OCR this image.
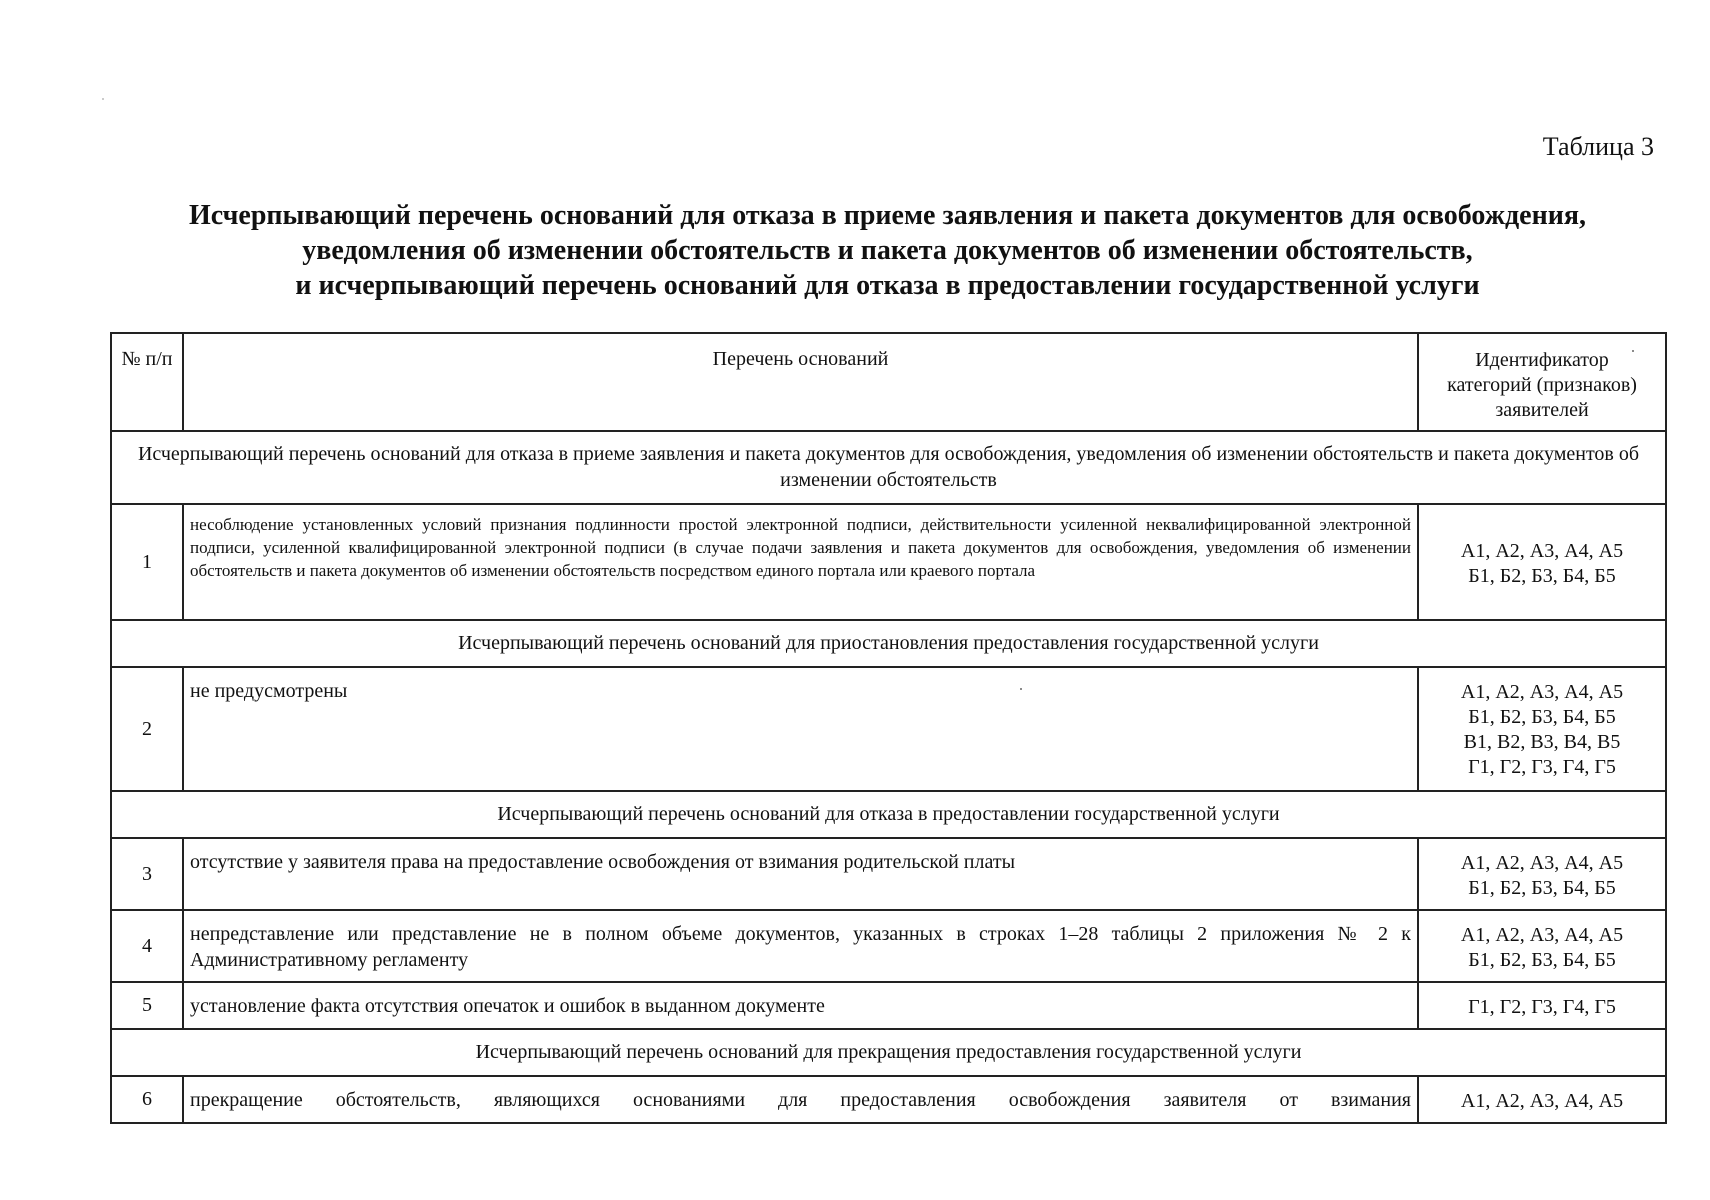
Таблица 3
Исчерпывающий перечень оснований для отказа в приеме заявления и пакета документов для освобождения,
уведомления об изменении обстоятельств и пакета документов об изменении обстоятельств,
и исчерпывающий перечень оснований для отказа в предоставлении государственной услуги
№ п/п	Перечень оснований	Идентификатор
категорий (признаков)
заявителей

Исчерпывающий перечень оснований для отказа в приеме заявления и пакета документов для освобождения, уведомления об изменении обстоятельств и пакета документов об изменении обстоятельств		
1	несоблюдение установленных условий признания подлинности простой электронной подписи, действительности усиленной неквалифицированной электронной подписи, усиленной квалифицированной электронной подписи (в случае подачи заявления и пакета документов для освобождения, уведомления об изменении обстоятельств и пакета документов об изменении обстоятельств посредством единого портала или краевого портала	А1, А2, А3, А4, А5
Б1, Б2, Б3, Б4, Б5

Исчерпывающий перечень оснований для приостановления предоставления государственной услуги		
2	не предусмотрены	А1, А2, А3, А4, А5
Б1, Б2, Б3, Б4, Б5
В1, В2, В3, В4, В5
Г1, Г2, Г3, Г4, Г5

Исчерпывающий перечень оснований для отказа в предоставлении государственной услуги		
3	отсутствие у заявителя права на предоставление освобождения от взимания родительской платы	А1, А2, А3, А4, А5
Б1, Б2, Б3, Б4, Б5

4	непредставление или представление не в полном объеме документов, указанных в строках 1–28 таблицы 2 приложения № 2 к Административному регламенту	А1, А2, А3, А4, А5
Б1, Б2, Б3, Б4, Б5

5	установление факта отсутствия опечаток и ошибок в выданном документе	Г1, Г2, Г3, Г4, Г5

Исчерпывающий перечень оснований для прекращения предоставления государственной услуги		
6	прекращение обстоятельств, являющихся основаниями для предоставления освобождения заявителя от взимания	А1, А2, А3, А4, А5
